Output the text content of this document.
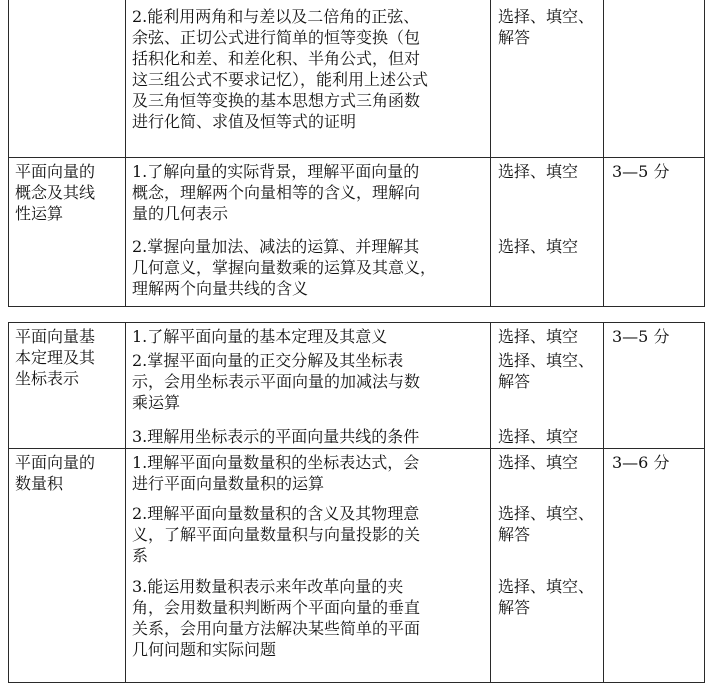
2.能利用两角和与差以及二倍角的正弦、
余弦、正切公式进行简单的恒等变换（包
括积化和差、和差化积、半角公式，但对
这三组公式不要求记忆），能利用上述公式
及三角恒等变换的基本思想方式三角函数
进行化简、求值及恒等式的证明
选择、填空、
解答
平面向量的
概念及其线
性运算
1.了解向量的实际背景，理解平面向量的
概念，理解两个向量相等的含义，理解向
量的几何表示
选择、填空
2.掌握向量加法、减法的运算、并理解其
几何意义，掌握向量数乘的运算及其意义，
理解两个向量共线的含义
选择、填空
3—5 分
平面向量基
本定理及其
坐标表示
1.了解平面向量的基本定理及其意义	选择、填空
2.掌握平面向量的正交分解及其坐标表
示，会用坐标表示平面向量的加减法与数
乘运算
选择、填空、
解答
3.理解用坐标表示的平面向量共线的条件	选择、填空
3—5 分
平面向量的
数量积
1.理解平面向量数量积的坐标表达式，会
进行平面向量数量积的运算
选择、填空
2.理解平面向量数量积的含义及其物理意
义，了解平面向量数量积与向量投影的关
系
选择、填空、
解答
3.能运用数量积表示来年改革向量的夹
角，会用数量积判断两个平面向量的垂直
关系，会用向量方法解决某些简单的平面
几何问题和实际问题
选择、填空、
解答
3—6 分
